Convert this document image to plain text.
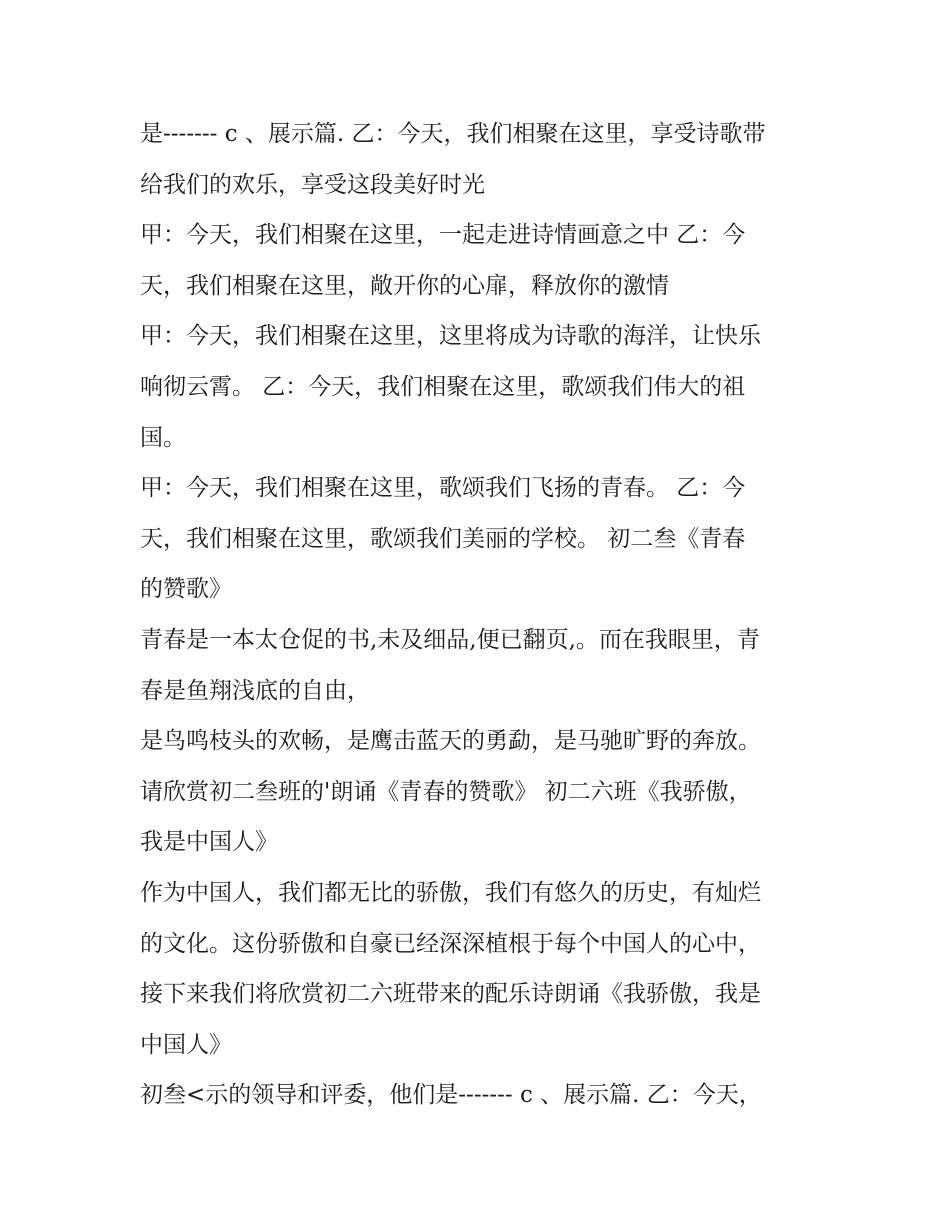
是------- c 、展示篇. 乙：今天，我们相聚在这里，享受诗歌带
给我们的欢乐，享受这段美好时光
甲：今天，我们相聚在这里，一起走进诗情画意之中 乙：今
天，我们相聚在这里，敞开你的心扉，释放你的激情
甲：今天，我们相聚在这里，这里将成为诗歌的海洋，让快乐
响彻云霄。 乙：今天，我们相聚在这里，歌颂我们伟大的祖
国。
甲：今天，我们相聚在这里，歌颂我们飞扬的青春。 乙：今
天，我们相聚在这里，歌颂我们美丽的学校。 初二叁《青春
的赞歌》
青春是一本太仓促的书,未及细品,便已翻页,。而在我眼里，青
春是鱼翔浅底的自由，
是鸟鸣枝头的欢畅，是鹰击蓝天的勇勐，是马驰旷野的奔放。
请欣赏初二叁班的'朗诵《青春的赞歌》 初二六班《我骄傲，
我是中国人》
作为中国人，我们都无比的骄傲，我们有悠久的历史，有灿烂
的文化。这份骄傲和自豪已经深深植根于每个中国人的心中，
接下来我们将欣赏初二六班带来的配乐诗朗诵《我骄傲，我是
中国人》
初叁<示的领导和评委，他们是------- c 、展示篇. 乙：今天，
